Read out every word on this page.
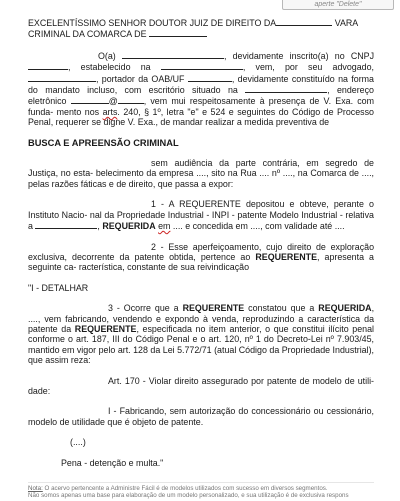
aperte "Delete"

EXCELENTÍSSIMO SENHOR DOUTOR JUIZ DE DIREITO DA	VARA

CRIMINAL DA COMARCA DE

O(a)	, devidamente inscrito(a) no CNPJ , estabelecido na	, vem, por seu advogado, , portador da OAB/UF	, devidamente constituído na forma do mandato incluso, com escritório situado na	, endereço eletrônico	@	, vem mui respeitosamente à presença de V. Exa. com funda- mento nos arts. 240, § 1º, letra "e" e 524 e seguintes do Código de Processo Penal, requerer se digne V. Exa., de mandar realizar a medida preventiva de

BUSCA E APREENSÃO CRIMINAL

sem audiência da parte contrária, em segredo de Justiça, no esta- belecimento da empresa ...., sito na Rua .... nº ...., na Comarca de ...., pelas razões fáticas e de direito, que passa a expor:

1 - A REQUERENTE depositou e obteve, perante o Instituto Nacio- nal da Propriedade Industrial - INPI - patente Modelo Industrial - relativa a	, REQUERIDA em .... e concedida em ...., com validade até ....

2 - Esse aperfeiçoamento, cujo direito de exploração exclusiva, decorrente da patente obtida, pertence ao REQUERENTE, apresenta a seguinte ca- racterística, constante de sua reivindicação

"I - DETALHAR

3 - Ocorre que a REQUERENTE constatou que a REQUERIDA, ...., vem fabricando, vendendo e expondo à venda, reproduzindo a característica da patente da REQUERENTE, especificada no item anterior, o que constitui ilícito penal conforme o art. 187, III do Código Penal e o art. 120, nº 1 do Decreto-Lei nº 7.903/45, mantido em vigor pelo art. 128 da Lei 5.772/71 (atual Código da Propriedade Industrial), que assim reza:

Art. 170 - Violar direito assegurado por patente de modelo de utili- dade:

I - Fabricando, sem autorização do concessionário ou cessionário, modelo de utilidade que é objeto de patente.

(....)

Pena - detenção e multa."

Nota: O acervo pertencente a Administre Fácil é de modelos utilizados com sucesso em diversos segmentos.
Não somos apenas uma base para elaboração de um modelo personalizado, e sua utilização é de exclusiva respons
